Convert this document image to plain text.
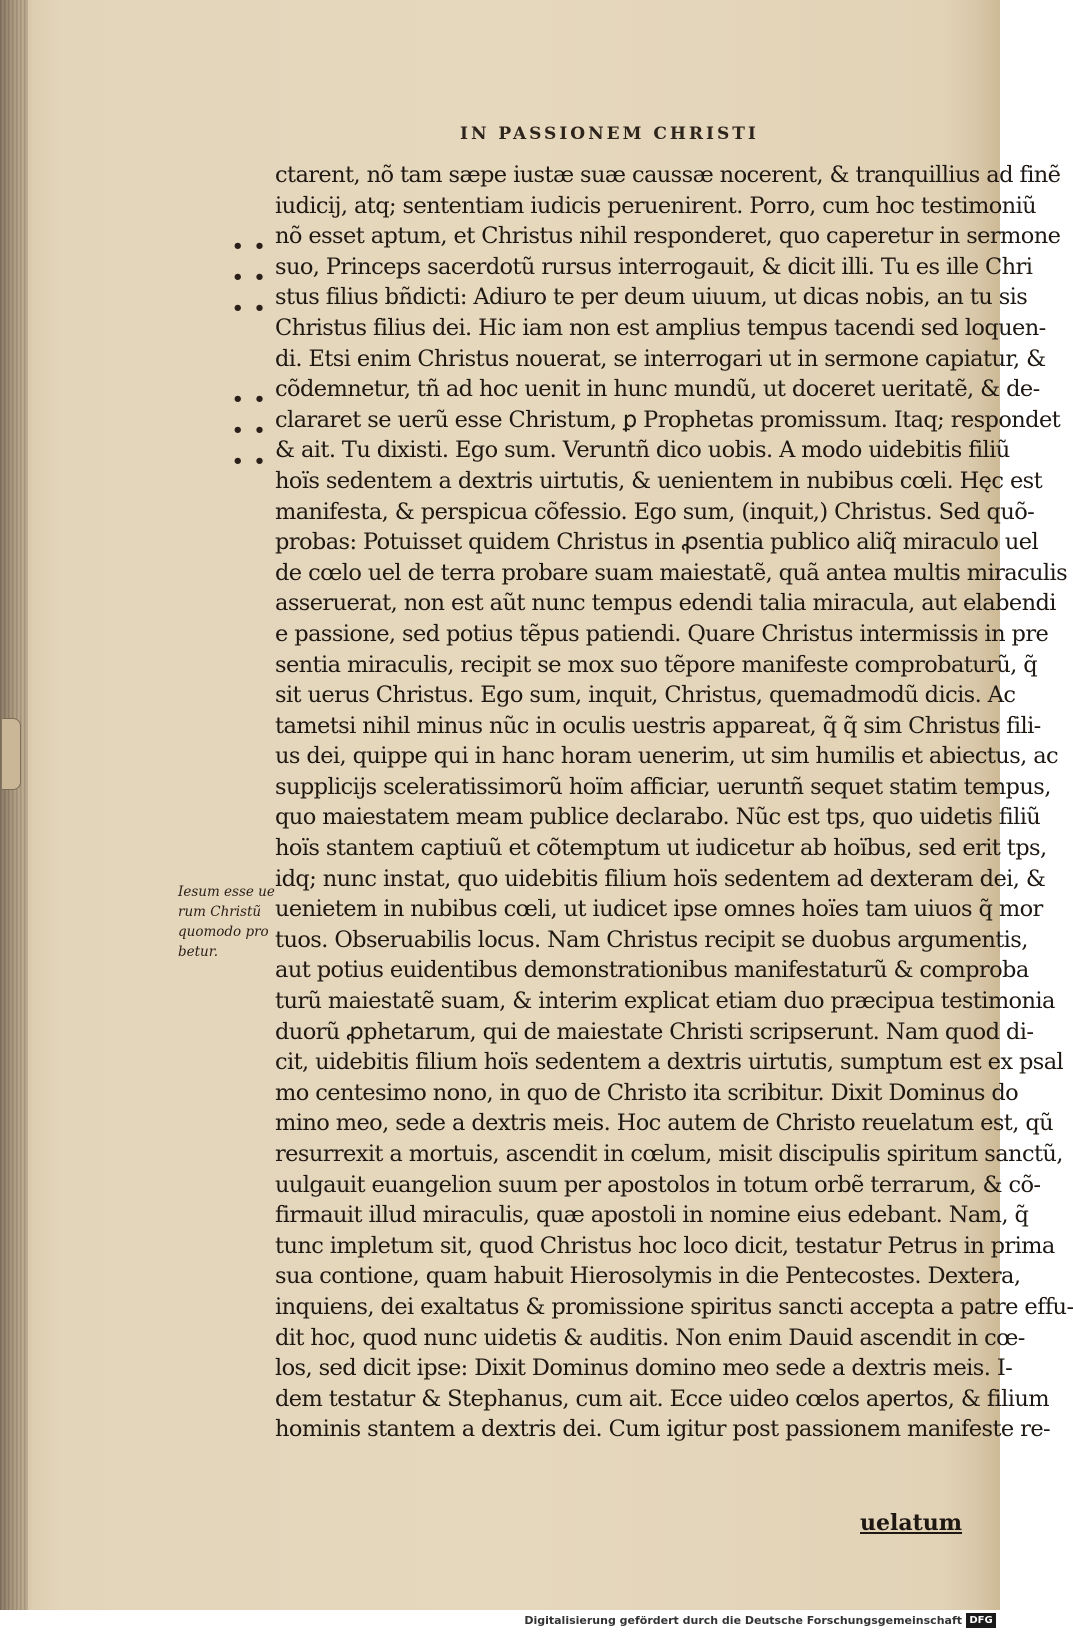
IN PASSIONEM CHRISTI
• •
• •
• •
• •
• •
• •
Iesum esse ue
rum Christũ
quomodo pro
betur.
ctarent, nõ tam sæpe iustæ suæ caussæ nocerent, & tranquillius ad finẽ
iudicij, atq; sententiam iudicis peruenirent. Porro, cum hoc testimoniũ
nõ esset aptum, et Christus nihil responderet, quo caperetur in sermone
suo, Princeps sacerdotũ rursus interrogauit, & dicit illi. Tu es ille Chri
stus filius bñdicti: Adiuro te per deum uiuum, ut dicas nobis, an tu sis
Christus filius dei. Hic iam non est amplius tempus tacendi sed loquen-
di. Etsi enim Christus nouerat, se interrogari ut in sermone capiatur, &
cõdemnetur, tñ ad hoc uenit in hunc mundũ, ut doceret ueritatẽ, & de-
clararet se uerũ esse Christum, ꝑ Prophetas promissum. Itaq; respondet
& ait. Tu dixisti. Ego sum. Veruntñ dico uobis. A modo uidebitis filiũ
hoïs sedentem a dextris uirtutis, & uenientem in nubibus cœli. Hęc est
manifesta, & perspicua cõfessio. Ego sum, (inquit,) Christus. Sed quõ-
probas: Potuisset quidem Christus in ꝓsentia publico aliq̃ miraculo uel
de cœlo uel de terra probare suam maiestatẽ, quã antea multis miraculis
asseruerat, non est aũt nunc tempus edendi talia miracula, aut elabendi
e passione, sed potius tẽpus patiendi. Quare Christus intermissis in pre
sentia miraculis, recipit se mox suo tẽpore manifeste comprobaturũ, q̃
sit uerus Christus. Ego sum, inquit, Christus, quemadmodũ dicis. Ac
tametsi nihil minus nũc in oculis uestris appareat, q̃ q̃ sim Christus fili-
us dei, quippe qui in hanc horam uenerim, ut sim humilis et abiectus, ac
supplicijs sceleratissimorũ hoïm afficiar, ueruntñ sequet statim tempus,
quo maiestatem meam publice declarabo. Nũc est tps, quo uidetis filiũ
hoïs stantem captiuũ et cõtemptum ut iudicetur ab hoïbus, sed erit tps,
idq; nunc instat, quo uidebitis filium hoïs sedentem ad dexteram dei, &
uenietem in nubibus cœli, ut iudicet ipse omnes hoïes tam uiuos q̃ mor
tuos. Obseruabilis locus. Nam Christus recipit se duobus argumentis,
aut potius euidentibus demonstrationibus manifestaturũ & comproba
turũ maiestatẽ suam, & interim explicat etiam duo præcipua testimonia
duorũ ꝓphetarum, qui de maiestate Christi scripserunt. Nam quod di-
cit, uidebitis filium hoïs sedentem a dextris uirtutis, sumptum est ex psal
mo centesimo nono, in quo de Christo ita scribitur. Dixit Dominus do
mino meo, sede a dextris meis. Hoc autem de Christo reuelatum est, qũ
resurrexit a mortuis, ascendit in cœlum, misit discipulis spiritum sanctũ,
uulgauit euangelion suum per apostolos in totum orbẽ terrarum, & cõ-
firmauit illud miraculis, quæ apostoli in nomine eius edebant. Nam, q̃
tunc impletum sit, quod Christus hoc loco dicit, testatur Petrus in prima
sua contione, quam habuit Hierosolymis in die Pentecostes. Dextera,
inquiens, dei exaltatus & promissione spiritus sancti accepta a patre effu-
dit hoc, quod nunc uidetis & auditis. Non enim Dauid ascendit in cœ-
los, sed dicit ipse: Dixit Dominus domino meo sede a dextris meis. I-
dem testatur & Stephanus, cum ait. Ecce uideo cœlos apertos, & filium
hominis stantem a dextris dei. Cum igitur post passionem manifeste re-
uelatum
Digitalisierung gefördert durch die Deutsche Forschungsgemeinschaft DFG
